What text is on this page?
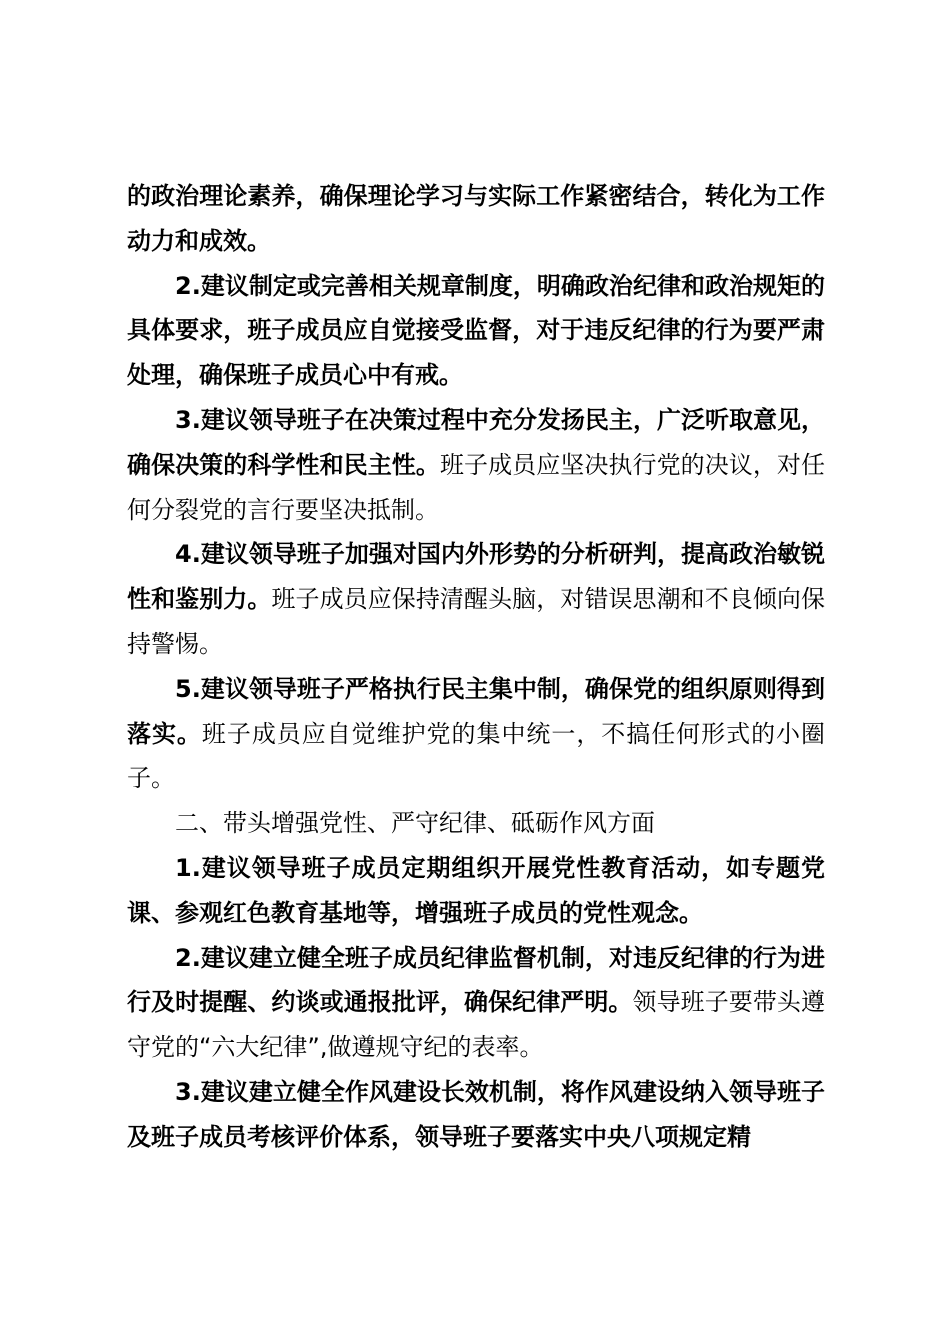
的政治理论素养，确保理论学习与实际工作紧密结合，转化为工作动力和成效。

2.建议制定或完善相关规章制度，明确政治纪律和政治规矩的具体要求，班子成员应自觉接受监督，对于违反纪律的行为要严肃处理，确保班子成员心中有戒。

3.建议领导班子在决策过程中充分发扬民主，广泛听取意见，确保决策的科学性和民主性。班子成员应坚决执行党的决议，对任何分裂党的言行要坚决抵制。

4.建议领导班子加强对国内外形势的分析研判，提高政治敏锐性和鉴别力。班子成员应保持清醒头脑，对错误思潮和不良倾向保持警惕。

5.建议领导班子严格执行民主集中制，确保党的组织原则得到落实。班子成员应自觉维护党的集中统一，不搞任何形式的小圈子。

二、带头增强党性、严守纪律、砥砺作风方面

1.建议领导班子成员定期组织开展党性教育活动，如专题党课、参观红色教育基地等，增强班子成员的党性观念。

2.建议建立健全班子成员纪律监督机制，对违反纪律的行为进行及时提醒、约谈或通报批评，确保纪律严明。领导班子要带头遵守党的“六大纪律”,做遵规守纪的表率。

3.建议建立健全作风建设长效机制，将作风建设纳入领导班子及班子成员考核评价体系，领导班子要落实中央八项规定精
